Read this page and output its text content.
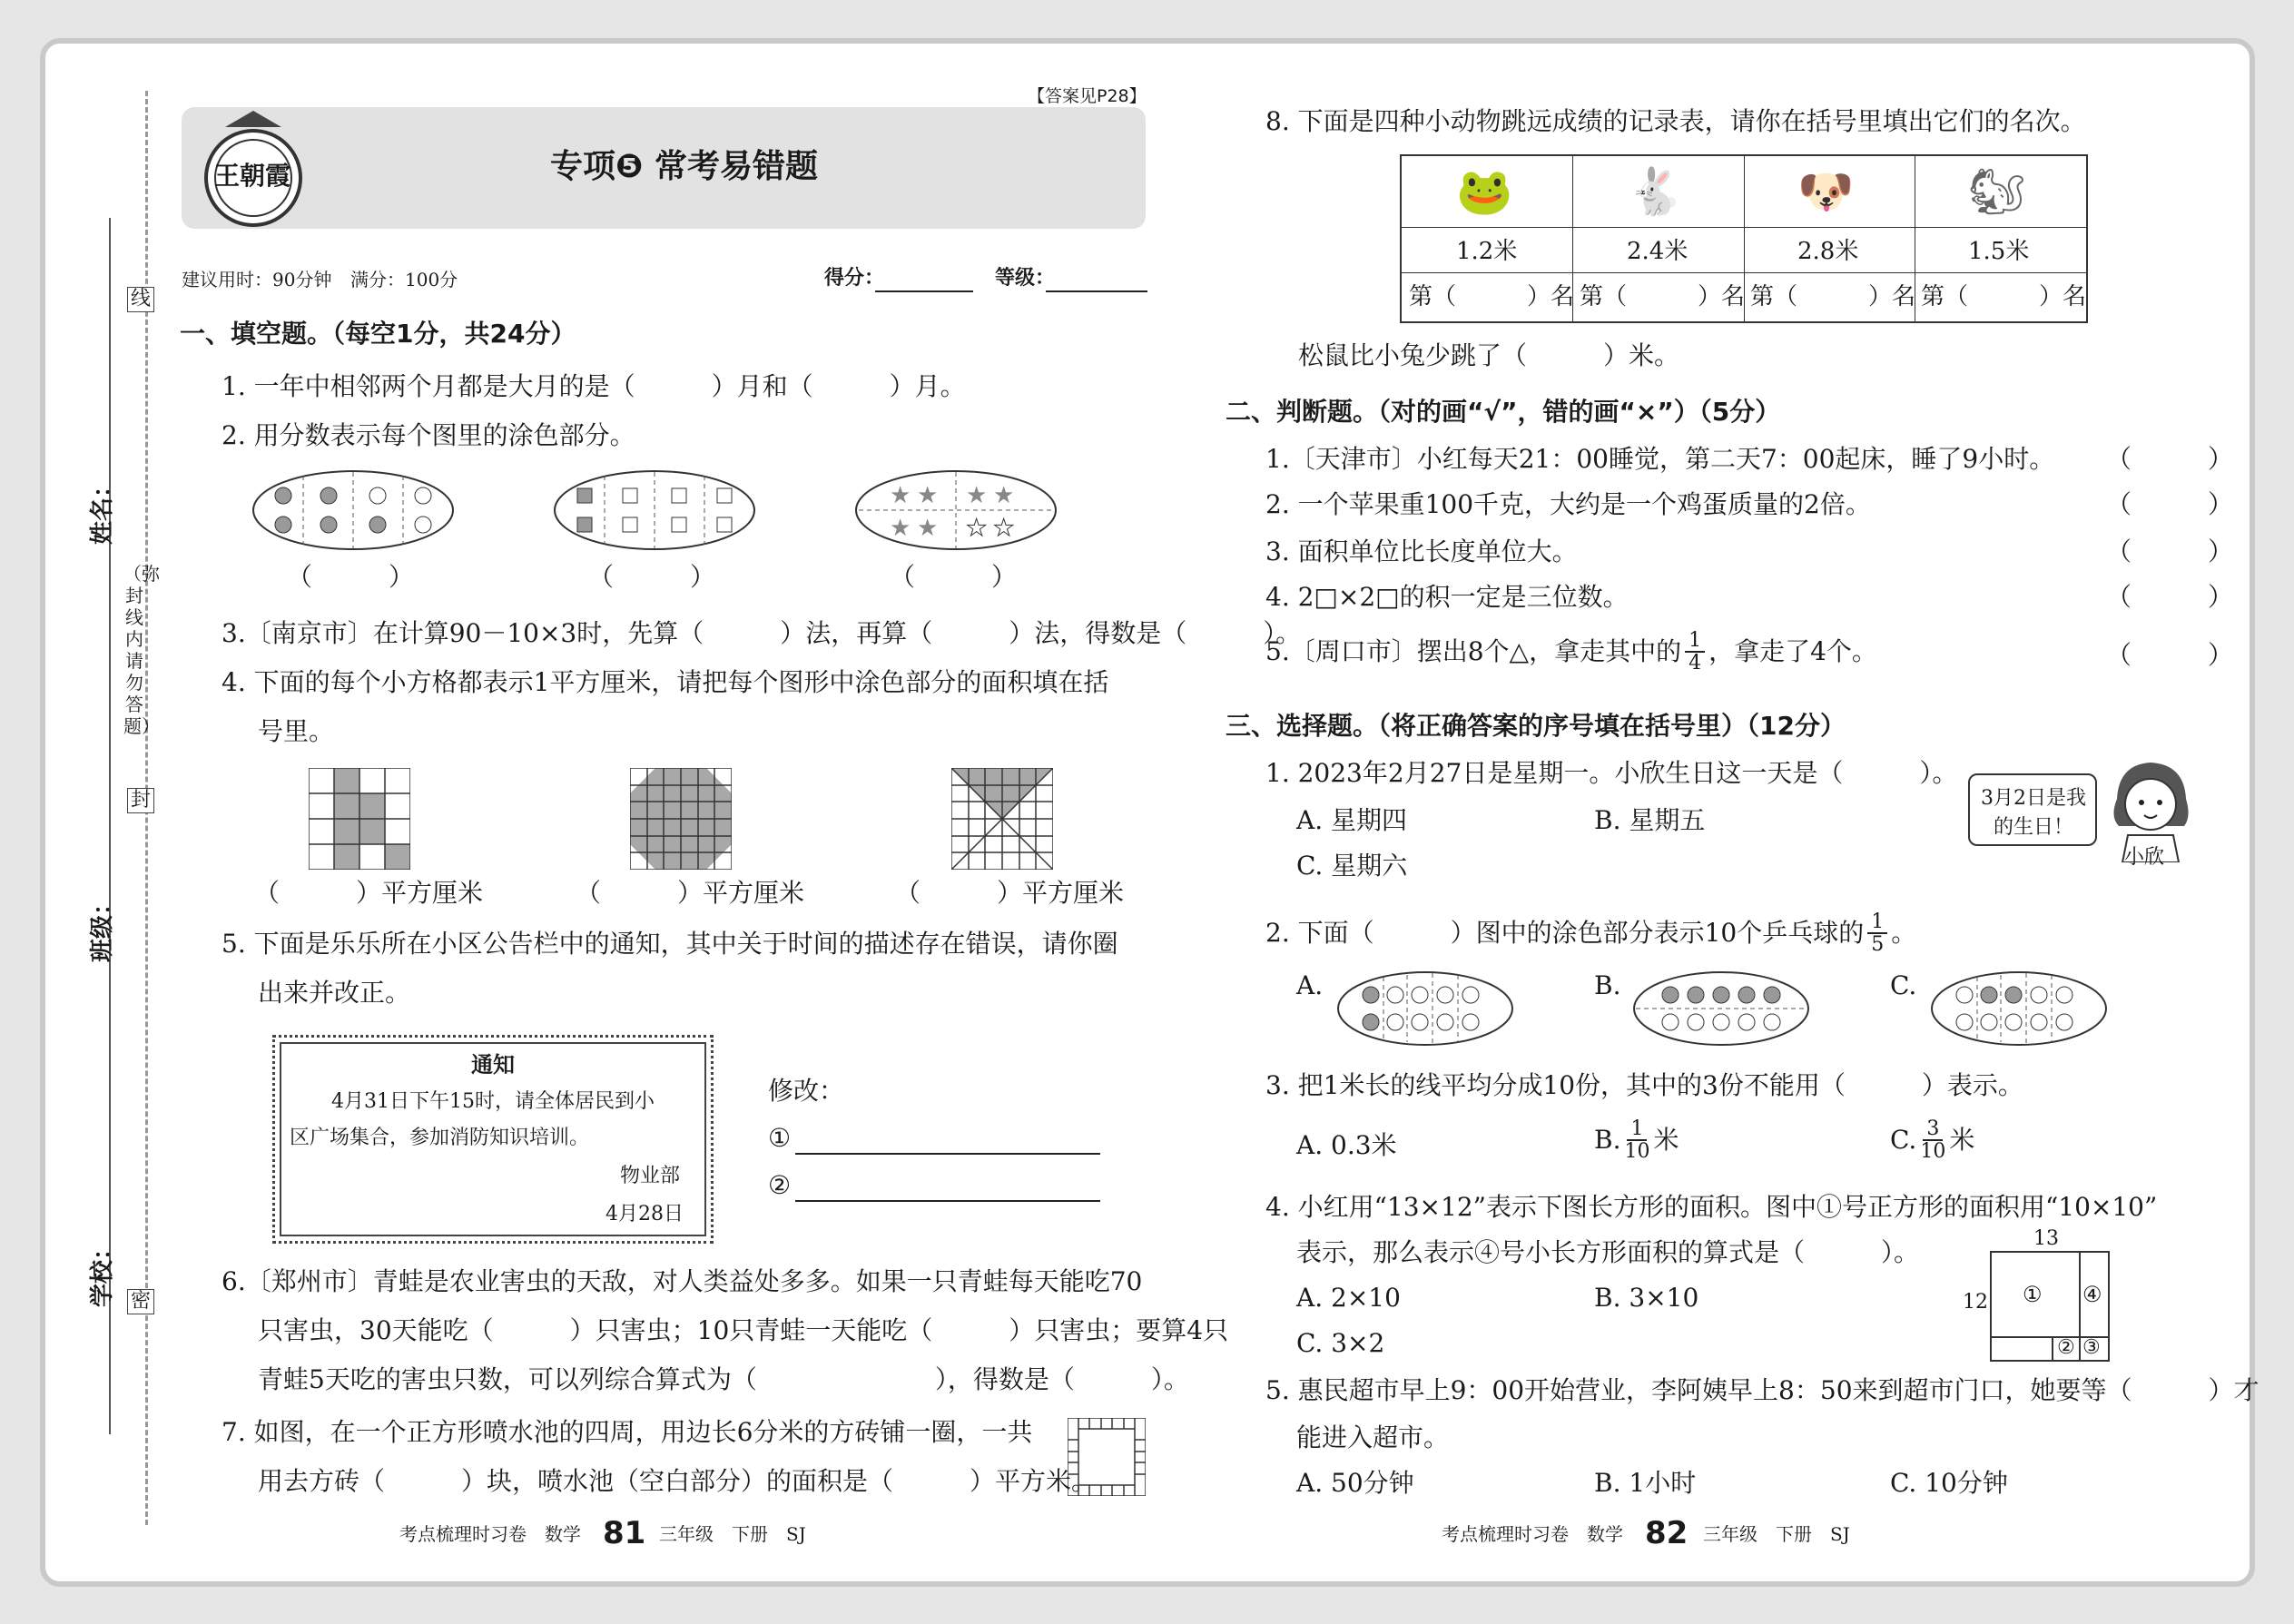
线
封
密
（弥封线内请勿答题）
学校：
班级：
姓名：
【答案见P28】
王朝霞	专项❺ 常考易错题
建议用时：90分钟 满分：100分	得分：	等级：
一、填空题。（每空1分，共24分）
1. 一年中相邻两个月都是大月的是（　　　）月和（　　　）月。
2. 用分数表示每个图里的涂色部分。
★ ★ ★ ★
★ ★ ★ ★
（　　　）	（　　　）	（　　　）
3.〔南京市〕在计算90－10×3时，先算（　　　）法，再算（　　　）法，得数是（　　　）。
4. 下面的每个小方格都表示1平方厘米，请把每个图形中涂色部分的面积填在括
号里。
（　　　）平方厘米	（　　　）平方厘米	（　　　）平方厘米
5. 下面是乐乐所在小区公告栏中的通知，其中关于时间的描述存在错误，请你圈
出来并改正。
通知
4月31日下午15时，请全体居民到小
区广场集合，参加消防知识培训。
物业部
4月28日
修改：
①
②
6.〔郑州市〕青蛙是农业害虫的天敌，对人类益处多多。如果一只青蛙每天能吃70
只害虫，30天能吃（　　　）只害虫；10只青蛙一天能吃（　　　）只害虫；要算4只
青蛙5天吃的害虫只数，可以列综合算式为（　　　　　　　），得数是（　　　）。
7. 如图，在一个正方形喷水池的四周，用边长6分米的方砖铺一圈，一共
用去方砖（　　　）块，喷水池（空白部分）的面积是（　　　）平方米。
考点梳理时习卷　数学 81 三年级　下册　SJ
8. 下面是四种小动物跳远成绩的记录表，请你在括号里填出它们的名次。
🐸	🐇	🐶	🐿
1.2米	2.4米	2.8米	1.5米
第（　　　）名 第（　　　）名 第（　　　）名 第（　　　）名
松鼠比小兔少跳了（　　　）米。
二、判断题。（对的画“√”，错的画“×”）（5分）
1.〔天津市〕小红每天21：00睡觉，第二天7：00起床，睡了9小时。
2. 一个苹果重100千克，大约是一个鸡蛋质量的2倍。
3. 面积单位比长度单位大。
4. 2□×2□的积一定是三位数。
5.〔周口市〕摆出8个△，拿走其中的 $\frac{1}{4}$ ，拿走了4个。
（　　　）
（　　　）
（　　　）
（　　　）
（　　　）
三、选择题。（将正确答案的序号填在括号里）（12分）
1. 2023年2月27日是星期一。小欣生日这一天是（　　　）。
A. 星期四	B. 星期五
C. 星期六
3月2日是我的生日！
小欣
2. 下面（　　　）图中的涂色部分表示10个乒乓球的 $\frac{1}{5}$ 。
A.	B.	C.
3. 把1米长的线平均分成10份，其中的3份不能用（　　　）表示。
A. 0.3米	B. $\frac{1}{10}$ 米	C. $\frac{3}{10}$ 米
4. 小红用“13×12”表示下图长方形的面积。图中①号正方形的面积用“10×10”
表示，那么表示④号小长方形面积的算式是（　　　）。
A. 2×10	B. 3×10
C. 3×2
13
12 ① ④
② ③
5. 惠民超市早上9：00开始营业，李阿姨早上8：50来到超市门口，她要等（　　　）才
能进入超市。
A. 50分钟	B. 1小时	C. 10分钟
考点梳理时习卷　数学 82 三年级　下册　SJ
